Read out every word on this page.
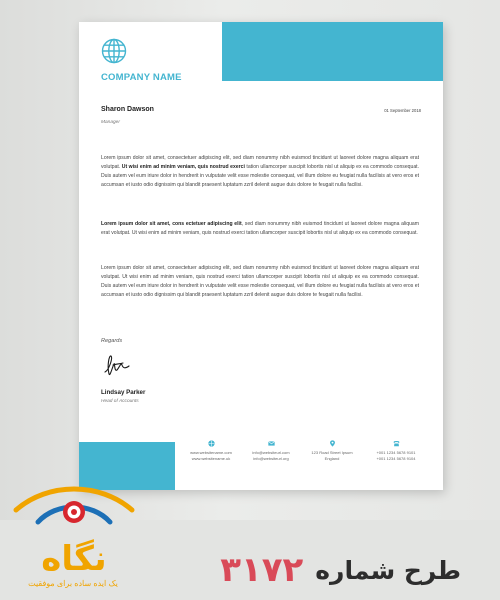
COMPANY NAME
Sharon Dawson	01 September 2018
Manager
Lorem ipsum dolor sit amet, consectetuer adipiscing elit, sed diam nonummy nibh euismod tincidunt ut laoreet dolore magna aliquam erat volutpat. Ut wisi enim ad minim veniam, quis nostrud exerci tation ullamcorper suscipit lobortis nisl ut aliquip ex ea commodo consequat. Duis autem vel eum iriure dolor in hendrerit in vulputate velit esse molestie consequat, vel illum dolore eu feugiat nulla facilisis at vero eros et accumsan et iusto odio dignissim qui blandit praesent luptatum zzril delenit augue duis dolore te feugait nulla facilisi.
Lorem ipsum dolor sit amet, cons ectetuer adipiscing elit, sed diam nonummy nibh euismod tincidunt ut laoreet dolore magna aliquam erat volutpat. Ut wisi enim ad minim veniam, quis nostrud exerci tation ullamcorper suscipit lobortis nisl ut aliquip ex ea commodo consequat.
Lorem ipsum dolor sit amet, consectetuer adipiscing elit, sed diam nonummy nibh euismod tincidunt ut laoreet dolore magna aliquam erat volutpat. Ut wisi enim ad minim veniam, quis nostrud exerci tation ullamcorper suscipit lobortis nisl ut aliquip ex ea commodo consequat. Duis autem vel eum iriure dolor in hendrerit in vulputate velit esse molestie consequat, vel illum dolore eu feugiat nulla facilisis at vero eros et accumsan et iusto odio dignissim qui blandit praesent luptatum zzril delenit augue duis dolore te feugait nulla facilisi.
Regards
Lindsay Parker
Head of Accounts
www.websitename.com
www.websitename.uk
info@websiteurl.com
info@websiteurl.org
123 Road Street Ipsum
England
+001 1234 5678 9101
+001 1234 5678 9104
نگاه
یک ایده ساده برای موفقیت	طرح شماره
۳۱۷۲
